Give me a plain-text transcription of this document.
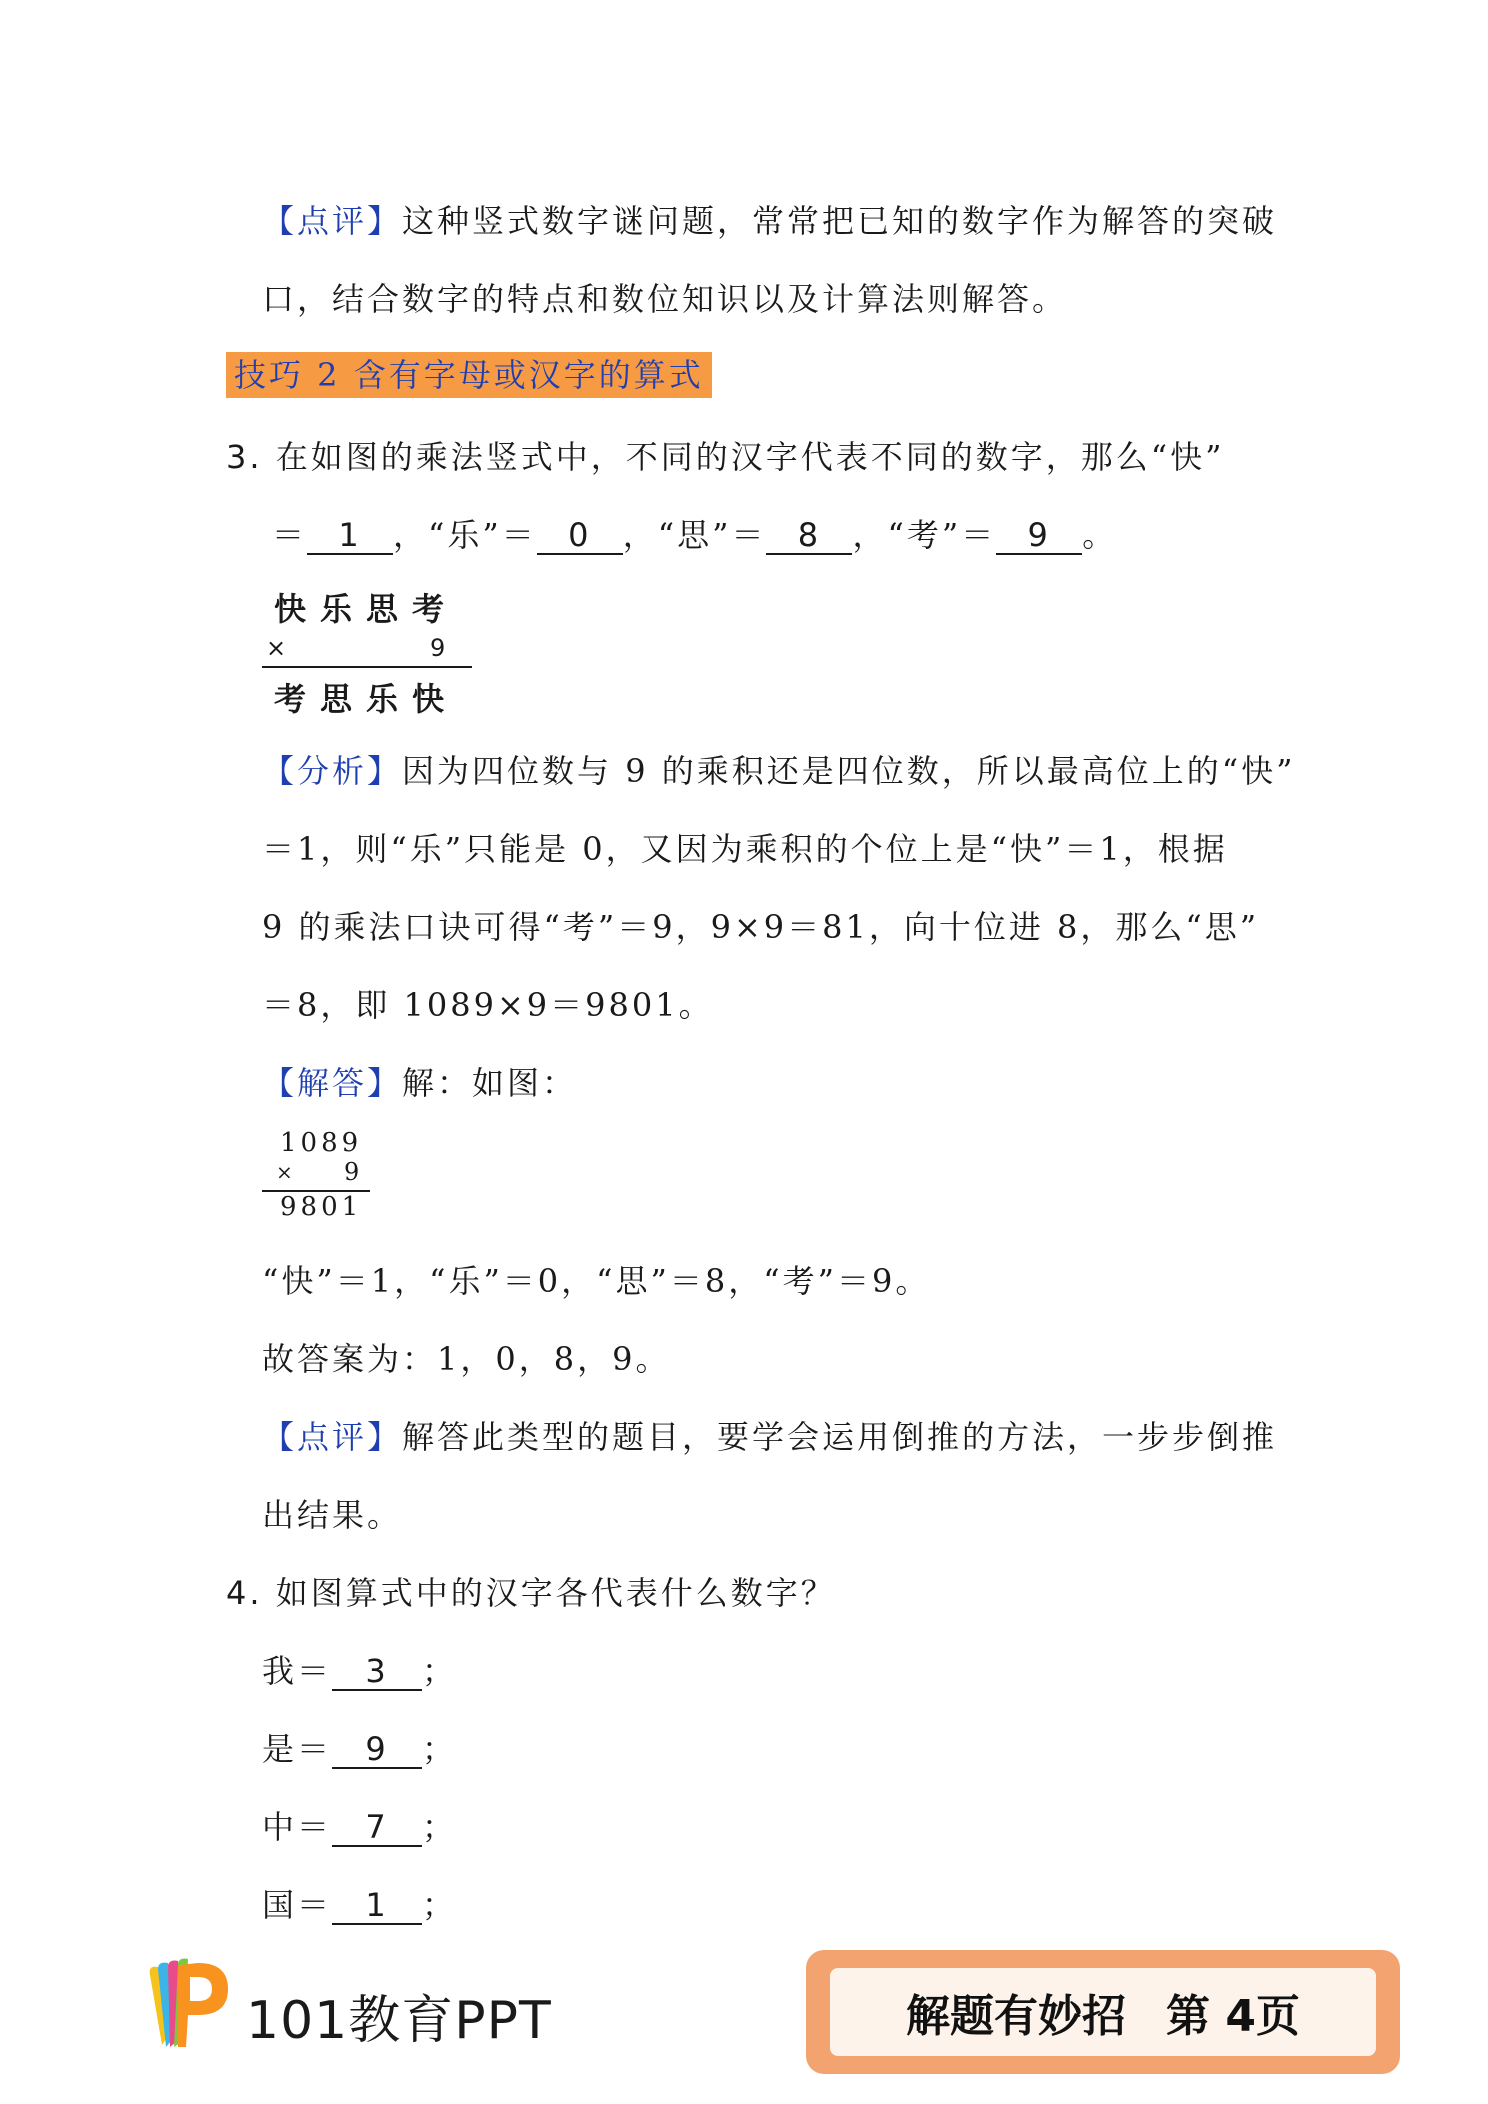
【点评】这种竖式数字谜问题，常常把已知的数字作为解答的突破
口，结合数字的特点和数位知识以及计算法则解答。
技巧 2 含有字母或汉字的算式
3. 在如图的乘法竖式中，不同的汉字代表不同的数字，那么“快”
＝ 1 ，“乐”＝ 0 ，“思”＝ 8 ，“考”＝ 9 。
快乐思考
×	9
考思乐快
【分析】因为四位数与 9 的乘积还是四位数，所以最高位上的“快”
＝1，则“乐”只能是 0，又因为乘积的个位上是“快”＝1，根据
9 的乘法口诀可得“考”＝9，9×9＝81，向十位进 8，那么“思”
＝8，即 1089×9＝9801。
【解答】解：如图：
1089
× 9
9801
“快”＝1，“乐”＝0，“思”＝8，“考”＝9。
故答案为：1，0，8，9。
【点评】解答此类型的题目，要学会运用倒推的方法，一步步倒推
出结果。
4. 如图算式中的汉字各代表什么数字？
我＝ 3 ；
是＝ 9 ；
中＝ 7 ；
国＝ 1 ；
101教育PPT	解题有妙招 第 4页
